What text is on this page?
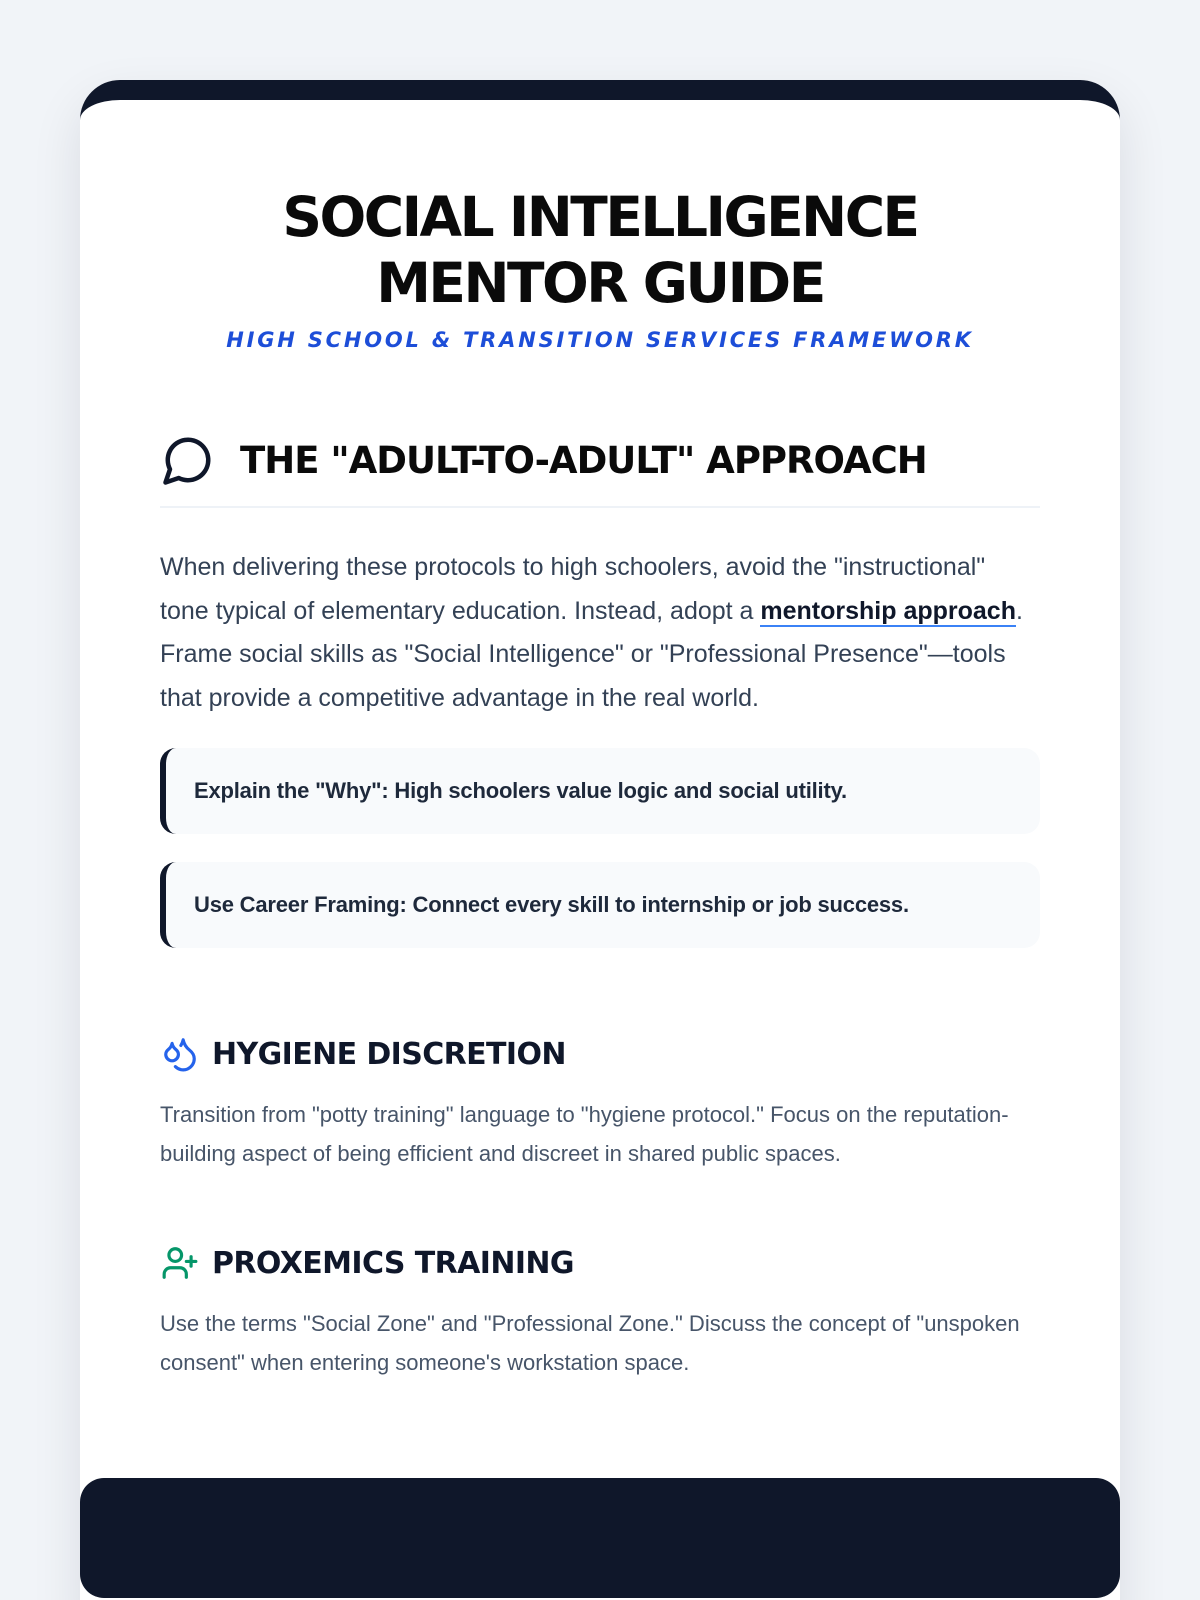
SOCIAL INTELLIGENCE
MENTOR GUIDE
HIGH SCHOOL & TRANSITION SERVICES FRAMEWORK
THE "ADULT-TO-ADULT" APPROACH

When delivering these protocols to high schoolers, avoid the "instructional" tone typical of elementary education. Instead, adopt a mentorship approach. Frame social skills as "Social Intelligence" or "Professional Presence"—tools that provide a competitive advantage in the real world.

Explain the "Why": High schoolers value logic and social utility.
Use Career Framing: Connect every skill to internship or job success.
HYGIENE DISCRETION

Transition from "potty training" language to "hygiene protocol." Focus on the reputation-building aspect of being efficient and discreet in shared public spaces.

PROXEMICS TRAINING

Use the terms "Social Zone" and "Professional Zone." Discuss the concept of "unspoken consent" when entering someone's workstation space.
